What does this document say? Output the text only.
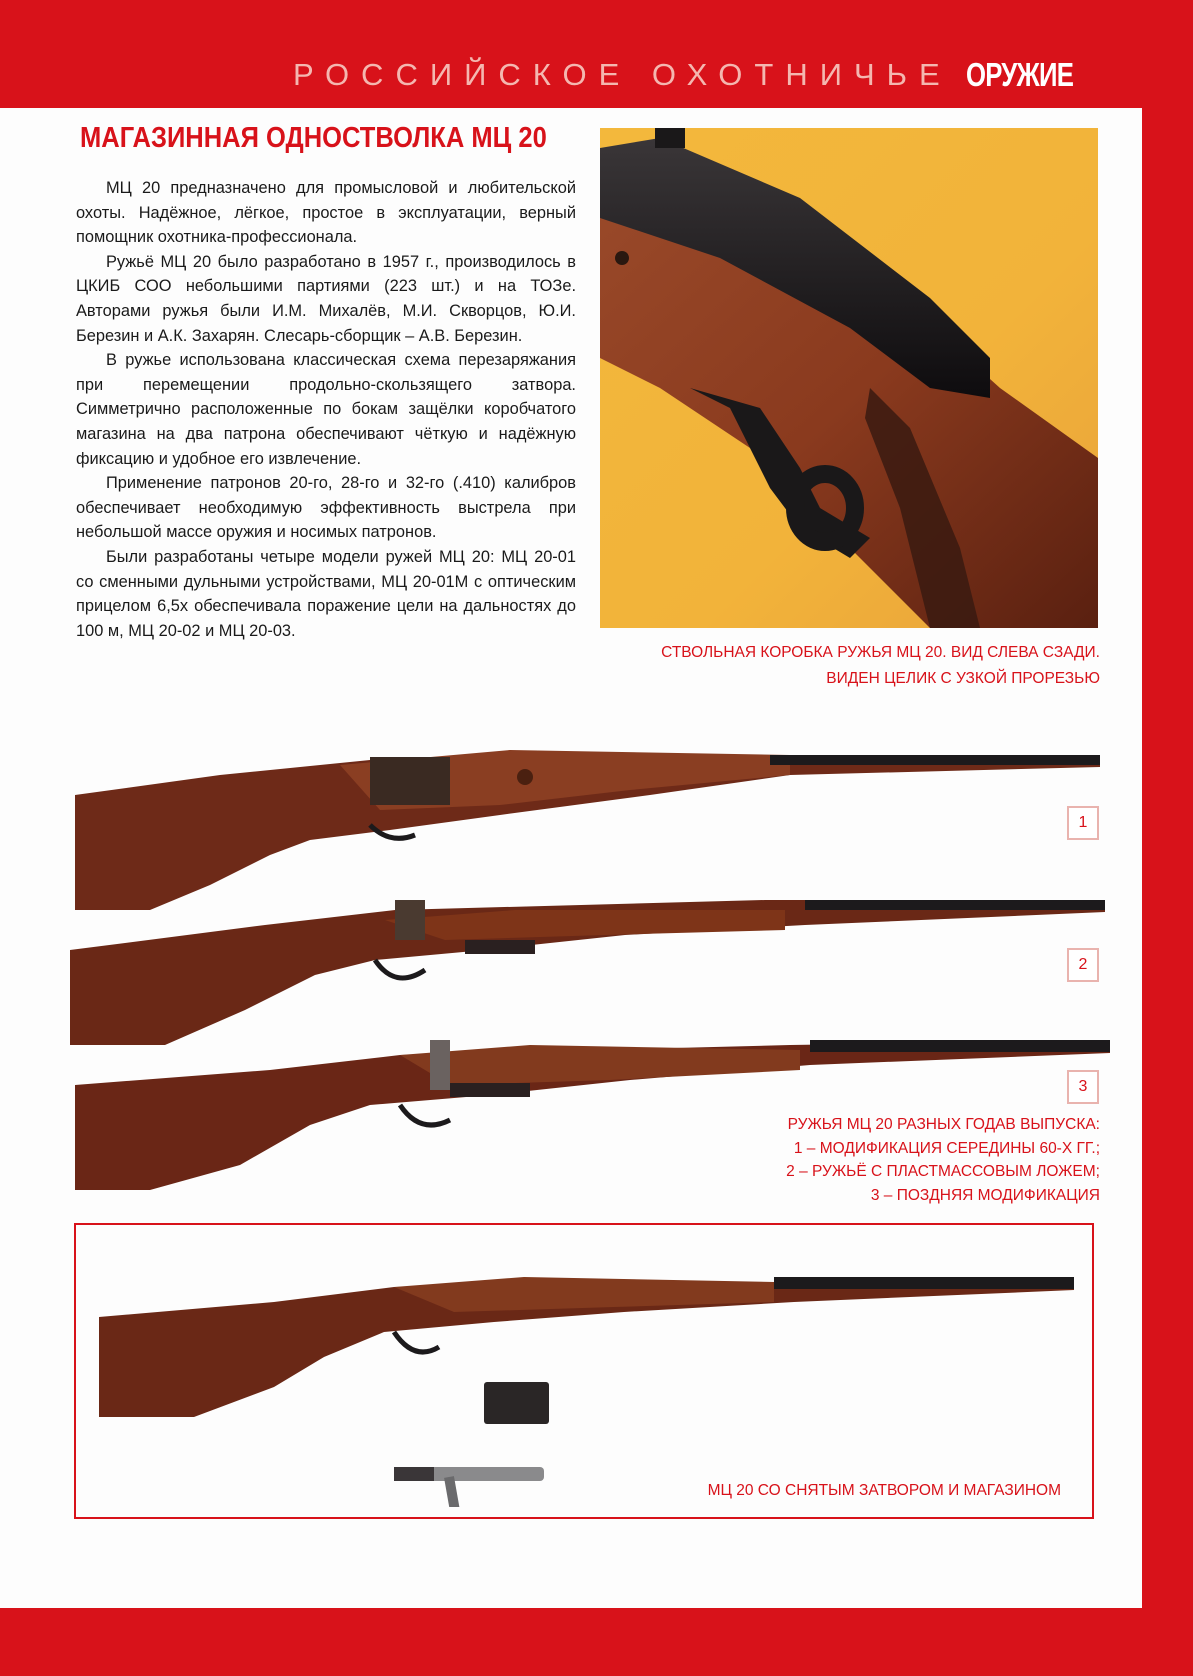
РОССИЙСКОЕ ОХОТНИЧЬЕ ОРУЖИЕ
МАГАЗИННАЯ ОДНОСТВОЛКА МЦ 20

МЦ 20 предназначено для промысловой и любительской охоты. Надёжное, лёгкое, простое в эксплуатации, верный помощник охотника-профессионала.

Ружьё МЦ 20 было разработано в 1957 г., производилось в ЦКИБ СОО небольшими партиями (223 шт.) и на ТОЗе. Авторами ружья были И.М. Михалёв, М.И. Скворцов, Ю.И. Березин и А.К. Захарян. Слесарь-сборщик – А.В. Березин.

В ружье использована классическая схема перезаряжания при перемещении продольно-скользящего затвора. Симметрично расположенные по бокам защёлки коробчатого магазина на два патрона обеспечивают чёткую и надёжную фиксацию и удобное его извлечение.

Применение патронов 20-го, 28-го и 32-го (.410) калибров обеспечивает необходимую эффективность выстрела при небольшой массе оружия и носимых патронов.

Были разработаны четыре модели ружей МЦ 20: МЦ 20-01 со сменными дульными устройствами, МЦ 20-01М с оптическим прицелом 6,5х обеспечивала поражение цели на дальностях до 100 м, МЦ 20-02 и МЦ 20-03.

СТВОЛЬНАЯ КОРОБКА РУЖЬЯ МЦ 20. ВИД СЛЕВА СЗАДИ.
ВИДЕН ЦЕЛИК С УЗКОЙ ПРОРЕЗЬЮ
1
2
3
РУЖЬЯ МЦ 20 РАЗНЫХ ГОДАВ ВЫПУСКА:
1 – МОДИФИКАЦИЯ СЕРЕДИНЫ 60-Х ГГ.;
2 – РУЖЬЁ С ПЛАСТМАССОВЫМ ЛОЖЕМ;
3 – ПОЗДНЯЯ МОДИФИКАЦИЯ
МЦ 20 СО СНЯТЫМ ЗАТВОРОМ И МАГАЗИНОМ
